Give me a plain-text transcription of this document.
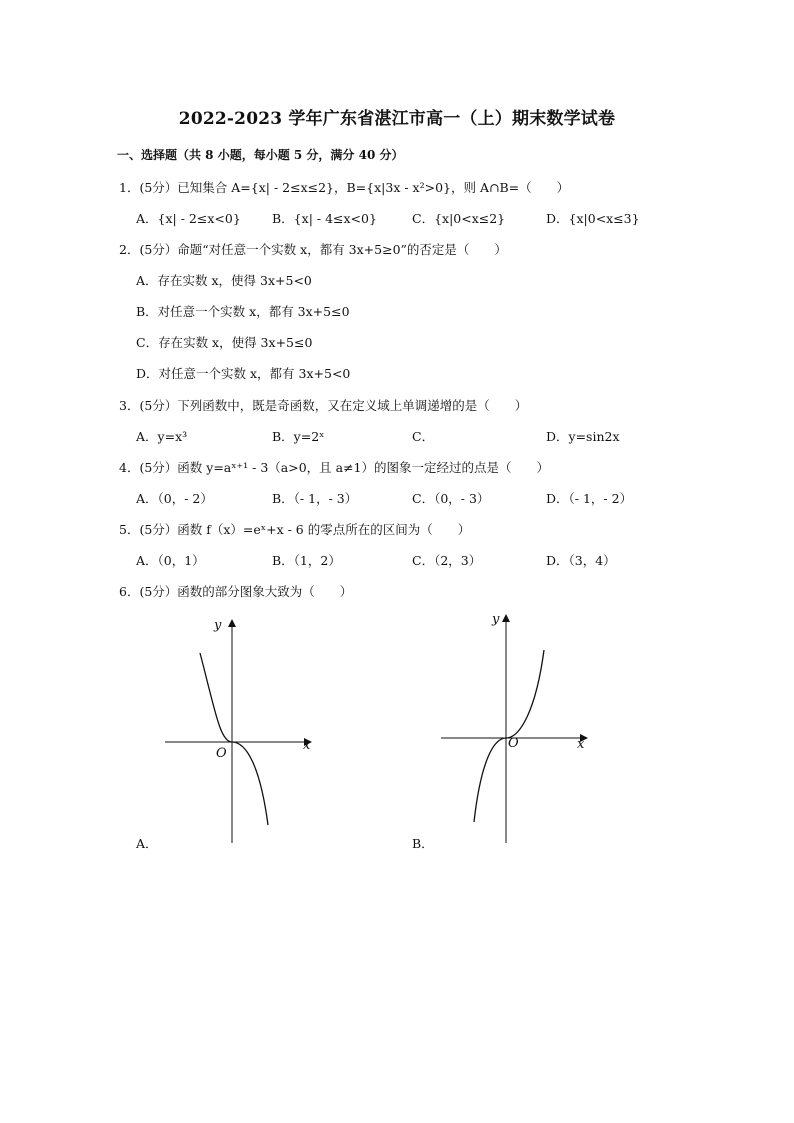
2022-2023 学年广东省湛江市高一（上）期末数学试卷
一、选择题（共 8 小题，每小题 5 分，满分 40 分）
1．(5分）已知集合 A={x| - 2≤x≤2}，B={x|3x - x²>0}，则 A∩B=（　　）
A．{x| - 2≤x<0} B．{x| - 4≤x<0}	C．{x|0<x≤2}	D．{x|0<x≤3}
2．(5分）命题“对任意一个实数 x，都有 3x+5≥0”的否定是（　　）
A．存在实数 x，使得 3x+5<0
B．对任意一个实数 x，都有 3x+5≤0
C．存在实数 x，使得 3x+5≤0
D．对任意一个实数 x，都有 3x+5<0
3．(5分）下列函数中，既是奇函数，又在定义域上单调递增的是（　　）
A．y=x³	B．y=2ˣ	C．	D．y=sin2x
4．(5分）函数 y=aˣ⁺¹ - 3（a>0，且 a≠1）的图象一定经过的点是（　　）
A．（0，- 2）	B．（- 1，- 3）	C．（0，- 3）	D．（- 1，- 2）
5．(5分）函数 f（x）=eˣ+x - 6 的零点所在的区间为（　　）
A．（0，1）	B．（1，2）	C．（2，3）	D．（3，4）
6．(5分）函数的部分图象大致为（　　）
y
x
O
A．
y
x
O
B．
